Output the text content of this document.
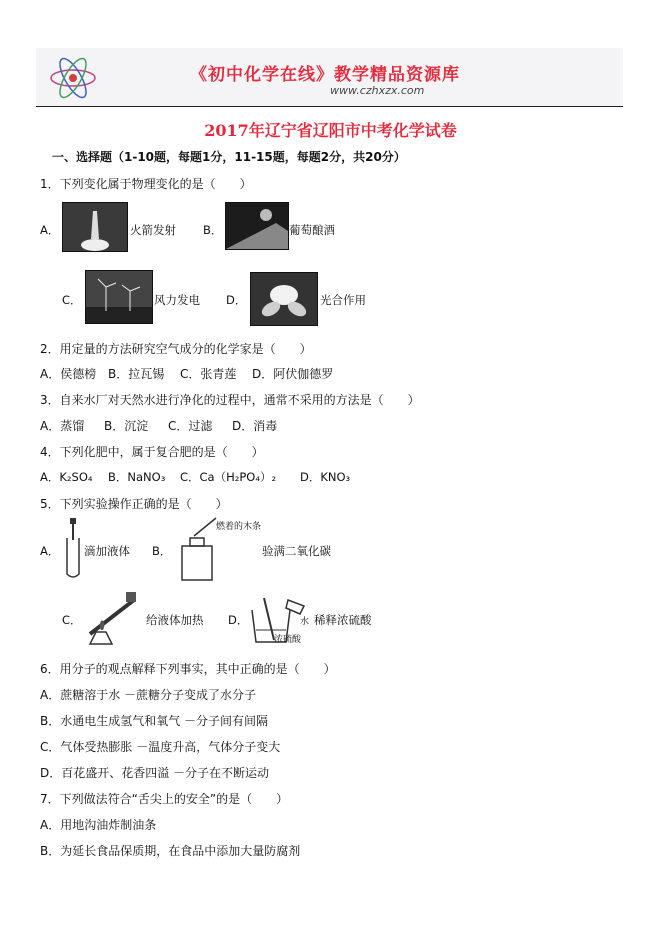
《初中化学在线》教学精品资源库
www.czhxzx.com
2017年辽宁省辽阳市中考化学试卷
一、选择题（1-10题，每题1分，11-15题，每题2分，共20分）
1．下列变化属于物理变化的是（　　）
A．	火箭发射 B．	葡萄酿酒
C．	风力发电 D．	光合作用
2．用定量的方法研究空气成分的化学家是（　　）
A．侯德榜 B．拉瓦锡 C．张青莲 D．阿伏伽德罗
3．自来水厂对天然水进行净化的过程中，通常不采用的方法是（　　）
A．蒸馏 B．沉淀 C．过滤 D．消毒
4．下列化肥中，属于复合肥的是（　　）
A．K₂SO₄ B．NaNO₃ C．Ca（H₂PO₄）₂ D．KNO₃
5．下列实验操作正确的是（　　）
A． 滴加液体 B．
燃着的木条
验满二氧化碳
C．	给液体加热 D．	水
浓硫酸
稀释浓硫酸
6．用分子的观点解释下列事实，其中正确的是（　　）
A．蔗糖溶于水 －蔗糖分子变成了水分子
B．水通电生成氢气和氧气 －分子间有间隔
C．气体受热膨胀 －温度升高，气体分子变大
D．百花盛开、花香四溢 －分子在不断运动
7．下列做法符合“舌尖上的安全”的是（　　）
A．用地沟油炸制油条
B．为延长食品保质期，在食品中添加大量防腐剂
